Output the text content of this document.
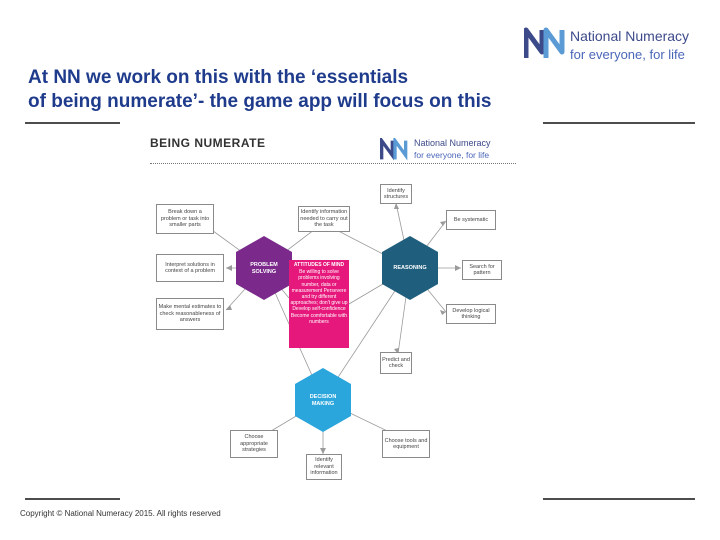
National Numeracy
for everyone, for life
At NN we work on this with the ‘essentials
of being numerate’- the game app will focus on this
BEING NUMERATE	National Numeracy
for everyone, for life
PROBLEM SOLVING
REASONING
DECISION MAKING
ATTITUDES OF MIND
Be willing to solve problems involving number, data or measurement Persevere and try different approaches; don't give up Develop self-confidence Become comfortable with numbers
Break down a problem or task into smaller parts
Interpret solutions in context of a problem
Make mental estimates to check reasonableness of answers
Identify information needed to carry out the task
Identify structures
Be systematic
Search for pattern
Develop logical thinking
Predict and check
Choose appropriate strategies
Choose tools and equipment
Identify relevant information
Copyright © National Numeracy 2015. All rights reserved
